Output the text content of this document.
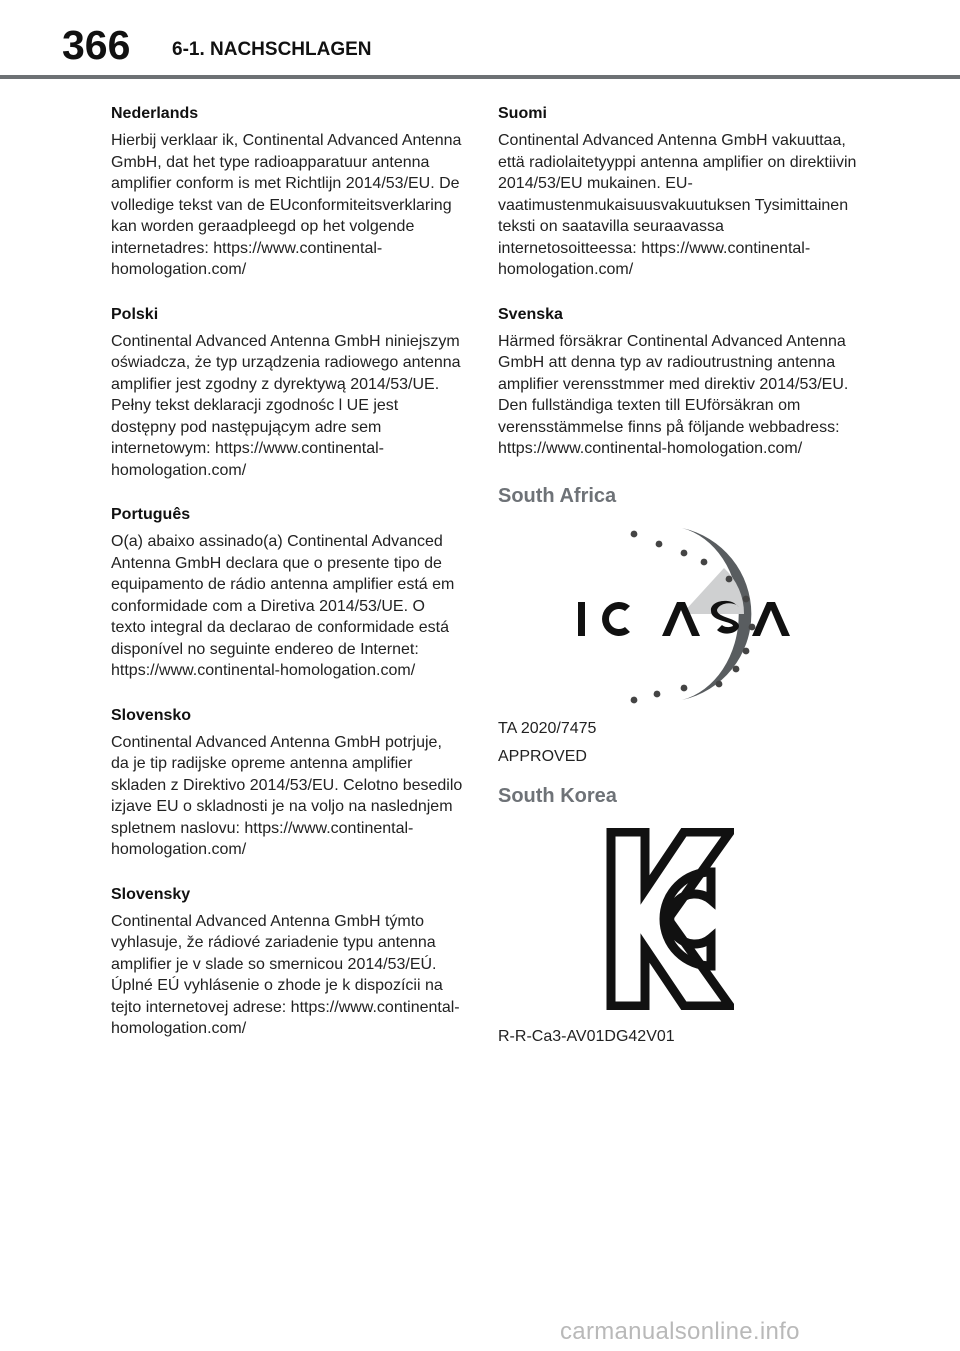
366 6-1. NACHSCHLAGEN
Nederlands

Hierbij verklaar ik, Continental Advanced Antenna GmbH, dat het type radioapparatuur antenna amplifier conform is met Richtlijn 2014/53/EU. De volledige tekst van de EUconformiteitsverklaring kan worden geraadpleegd op het volgende internetadres: https://www.continental-homologation.com/

Polski

Continental Advanced Antenna GmbH niniejszym oświadcza, że typ urządzenia radiowego antenna amplifier jest zgodny z dyrektywą 2014/53/UE. Pełny tekst deklaracji zgodnośc l UE jest dostępny pod następującym adre sem internetowym: https://www.continental-homologation.com/

Português

O(a) abaixo assinado(a) Continental Advanced Antenna GmbH declara que o presente tipo de equipamento de rádio antenna amplifier está em conformidade com a Diretiva 2014/53/UE. O texto integral da declarao de conformidade está disponível no seguinte endereo de Internet: https://www.continental-homologation.com/

Slovensko

Continental Advanced Antenna GmbH potrjuje, da je tip radijske opreme antenna amplifier skladen z Direktivo 2014/53/EU. Celotno besedilo izjave EU o skladnosti je na voljo na naslednjem spletnem naslovu: https://www.continental-homologation.com/

Slovensky

Continental Advanced Antenna GmbH týmto vyhlasuje, že rádiové zariadenie typu antenna amplifier je v slade so smernicou 2014/53/EÚ. Úplné EÚ vyhlásenie o zhode je k dispozícii na tejto internetovej adrese: https://www.continental-homologation.com/

Suomi

Continental Advanced Antenna GmbH vakuuttaa, että radiolaitetyyppi antenna amplifier on direktiivin 2014/53/EU mukainen. EU-vaatimustenmukaisuusvakuutuksen Tysimittainen teksti on saatavilla seuraavassa internetosoitteessa: https://www.continental-homologation.com/

Svenska

Härmed försäkrar Continental Advanced Antenna GmbH att denna typ av radioutrustning antenna amplifier verensstmmer med direktiv 2014/53/EU. Den fullständiga texten till EUförsäkran om verensstämmelse finns på följande webbadress: https://www.continental-homologation.com/

South Africa

TA 2020/7475

APPROVED

South Korea

R-R-Ca3-AV01DG42V01

carmanualsonline.info
